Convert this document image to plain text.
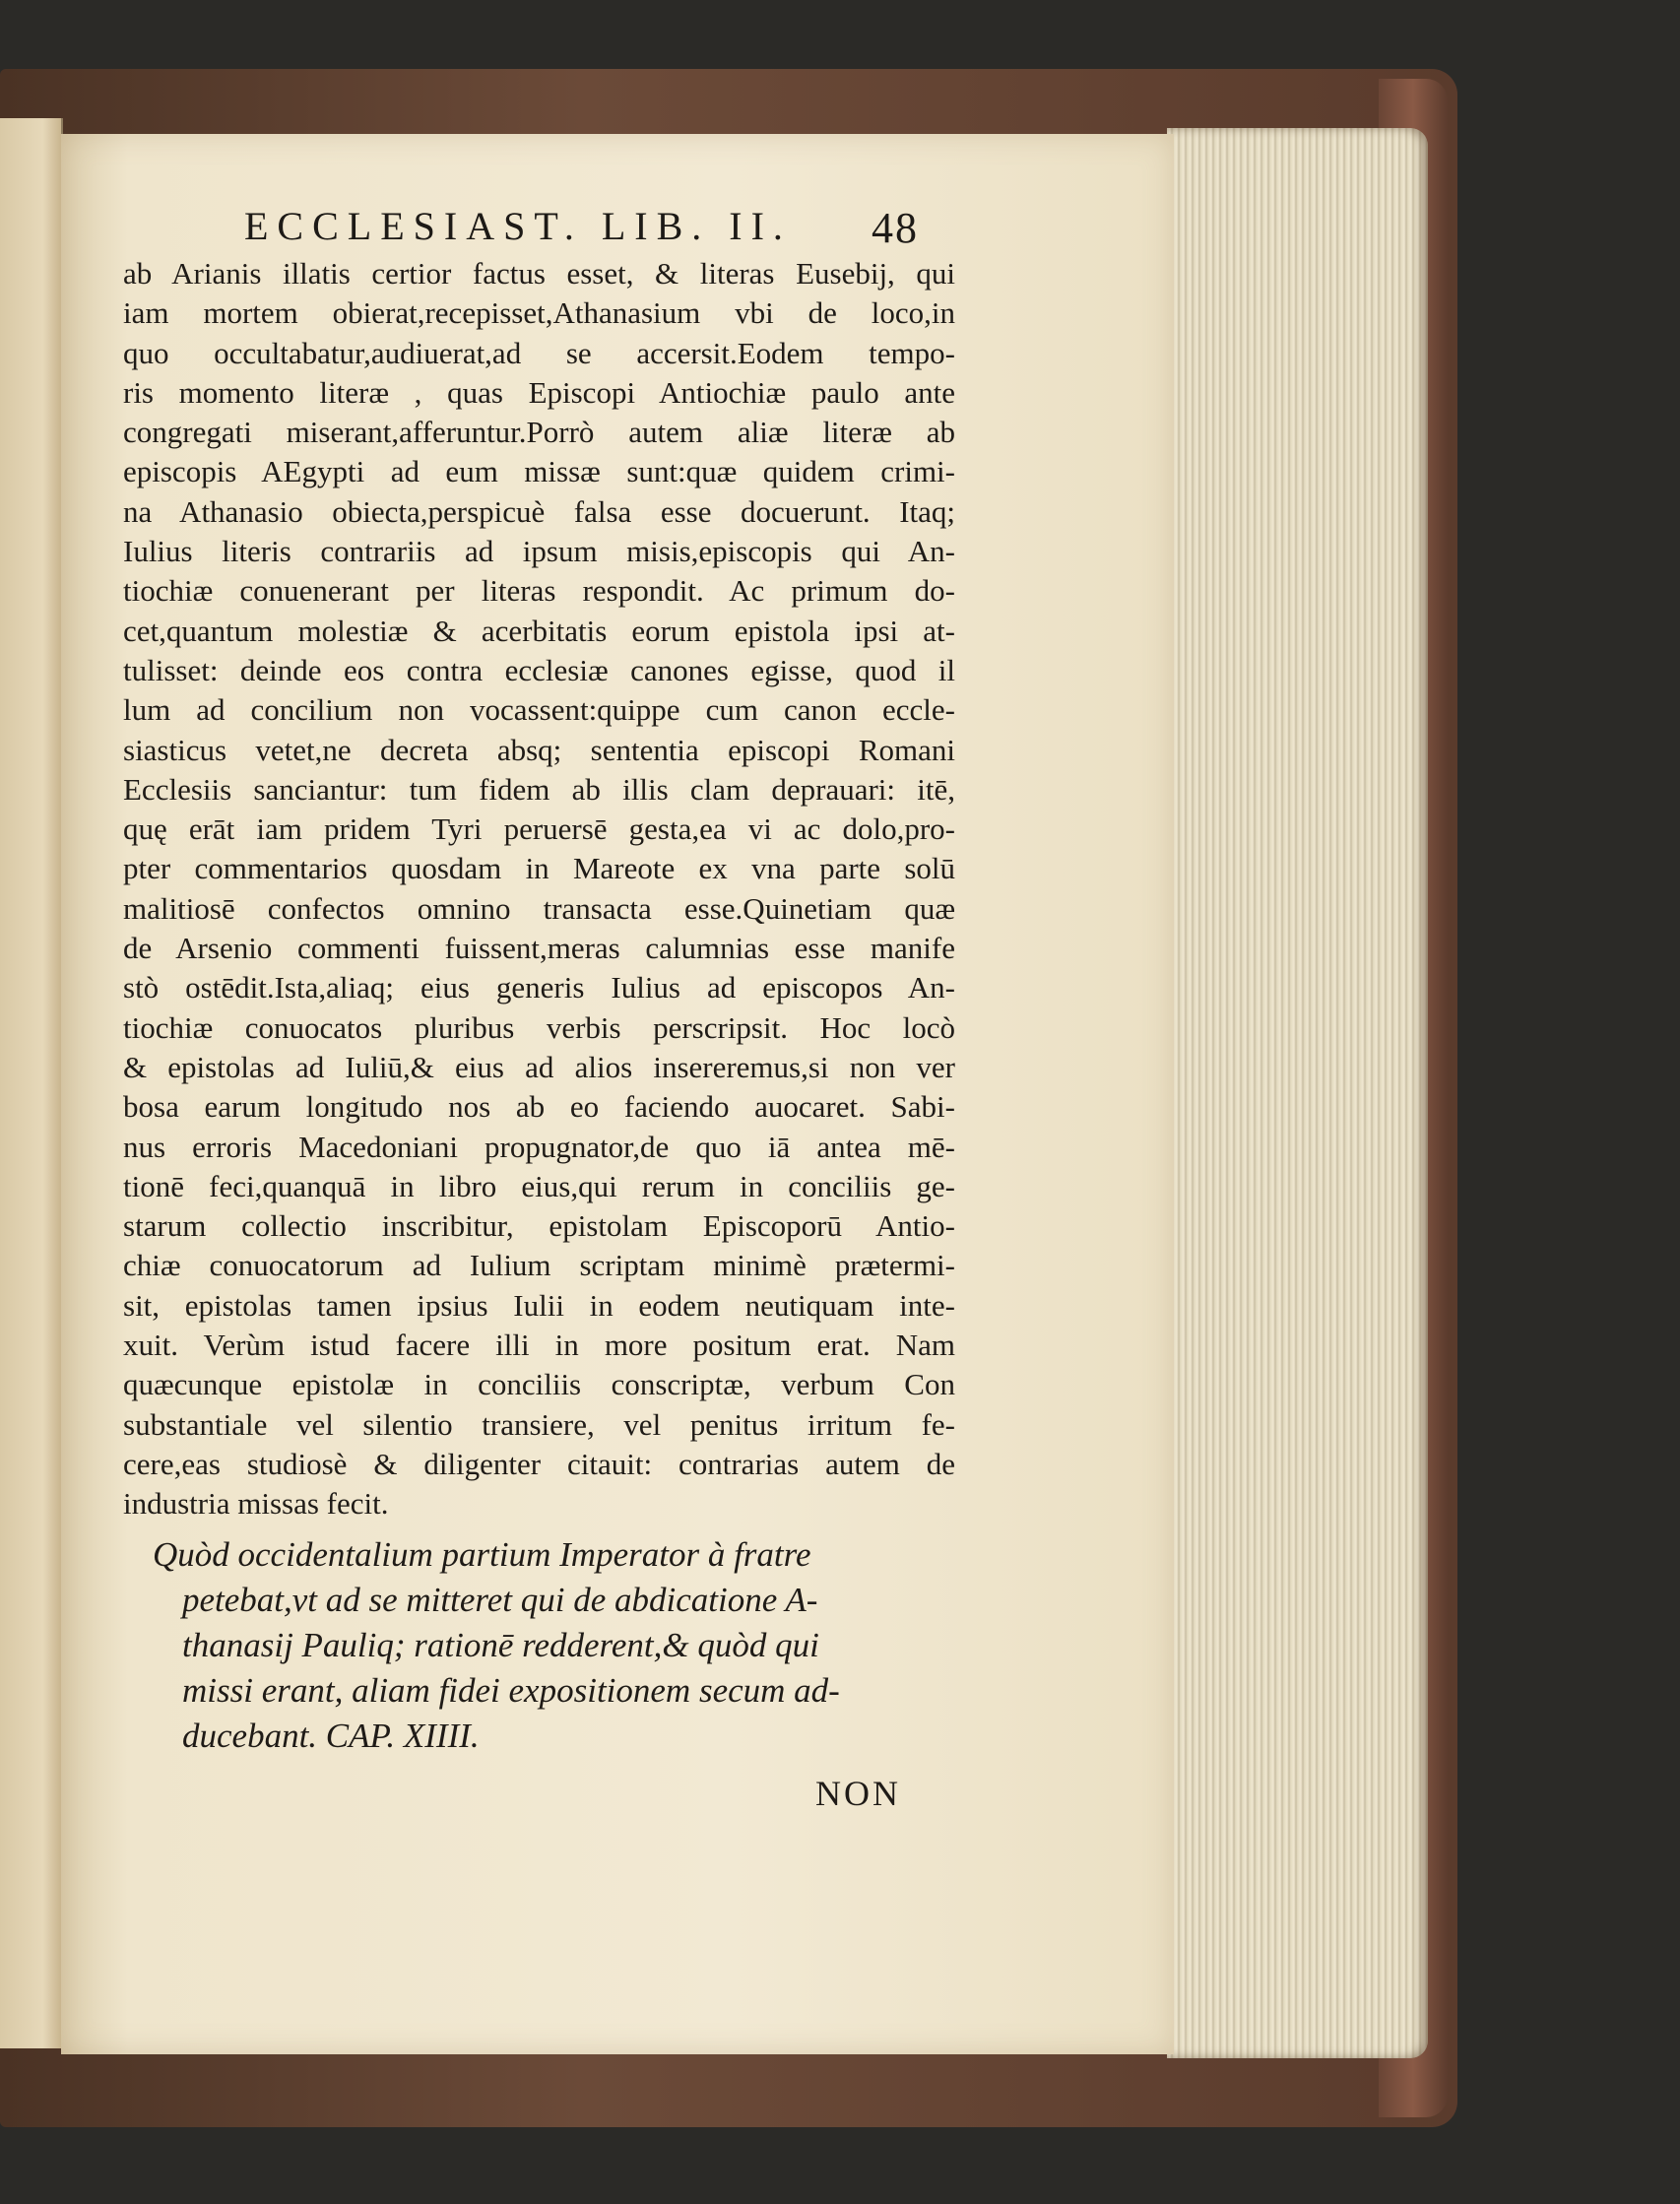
ECCLESIAST. LIB. II.	48
ab Arianis illatis certior factus esset, & literas Eusebij, qui
iam mortem obierat,recepisset,Athanasium vbi de loco,in
quo occultabatur,audiuerat,ad se accersit.Eodem tempo-
ris momento literæ , quas Episcopi Antiochiæ paulo ante
congregati miserant,afferuntur.Porrò autem aliæ literæ ab
episcopis AEgypti ad eum missæ sunt:quæ quidem crimi-
na Athanasio obiecta,perspicuè falsa esse docuerunt. Itaq;
Iulius literis contrariis ad ipsum misis,episcopis qui An-
tiochiæ conuenerant per literas respondit. Ac primum do-
cet,quantum molestiæ & acerbitatis eorum epistola ipsi at-
tulisset: deinde eos contra ecclesiæ canones egisse, quod il
lum ad concilium non vocassent:quippe cum canon eccle-
siasticus vetet,ne decreta absq; sententia episcopi Romani
Ecclesiis sanciantur: tum fidem ab illis clam deprauari: itē,
quę erāt iam pridem Tyri peruersē gesta,ea vi ac dolo,pro-
pter commentarios quosdam in Mareote ex vna parte solū
malitiosē confectos omnino transacta esse.Quinetiam quæ
de Arsenio commenti fuissent,meras calumnias esse manife
stò ostēdit.Ista,aliaq; eius generis Iulius ad episcopos An-
tiochiæ conuocatos pluribus verbis perscripsit. Hoc locò
& epistolas ad Iuliū,& eius ad alios insereremus,si non ver
bosa earum longitudo nos ab eo faciendo auocaret. Sabi-
nus erroris Macedoniani propugnator,de quo iā antea mē-
tionē feci,quanquā in libro eius,qui rerum in conciliis ge-
starum collectio inscribitur, epistolam Episcoporū Antio-
chiæ conuocatorum ad Iulium scriptam minimè prætermi-
sit, epistolas tamen ipsius Iulii in eodem neutiquam inte-
xuit. Verùm istud facere illi in more positum erat. Nam
quæcunque epistolæ in conciliis conscriptæ, verbum Con
substantiale vel silentio transiere, vel penitus irritum fe-
cere,eas studiosè & diligenter citauit: contrarias autem de
industria missas fecit.
Quòd occidentalium partium Imperator à fratre
petebat,vt ad se mitteret qui de abdicatione A-
thanasij Pauliq; rationē redderent,& quòd qui
missi erant, aliam fidei expositionem secum ad-
ducebant. CAP. XIIII.
NON
